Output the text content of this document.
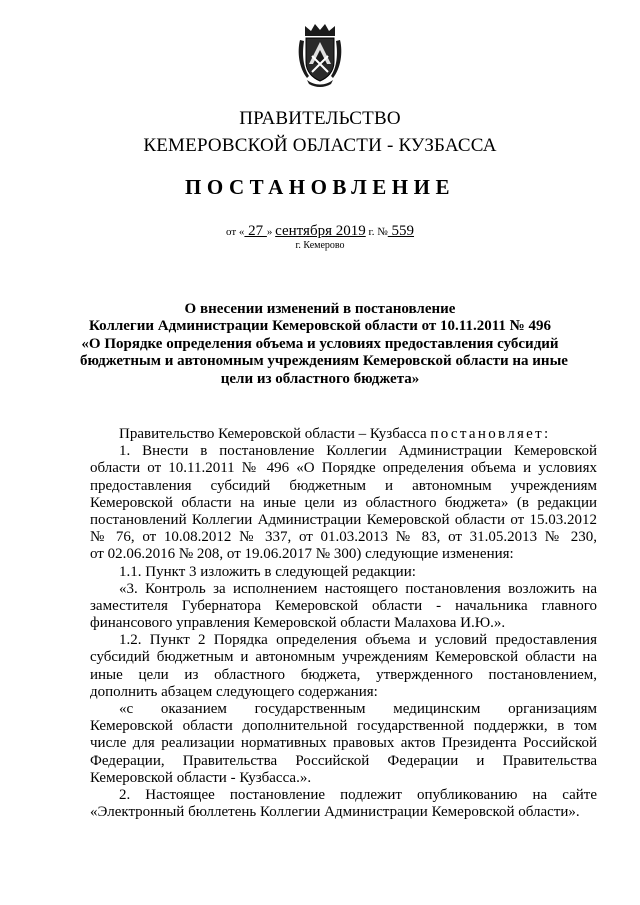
ПРАВИТЕЛЬСТВО
КЕМЕРОВСКОЙ ОБЛАСТИ - КУЗБАССА
ПОСТАНОВЛЕНИЕ
от « 27 » сентября 2019 г. № 559
г. Кемерово
О внесении изменений в постановление
Коллегии Администрации Кемеровской области от 10.11.2011 № 496
«О Порядке определения объема и условиях предоставления субсидий
бюджетным и автономным учреждениям Кемеровской области на иные
цели из областного бюджета»
Правительство Кемеровской области – Кузбасса постановляет:
1. Внести в постановление Коллегии Администрации Кемеровской
области от 10.11.2011 № 496 «О Порядке определения объема и условиях
предоставления субсидий бюджетным и автономным учреждениям
Кемеровской области на иные цели из областного бюджета» (в редакции
постановлений Коллегии Администрации Кемеровской области от 15.03.2012
№ 76, от 10.08.2012 № 337, от 01.03.2013 № 83, от 31.05.2013 № 230,
от 02.06.2016 № 208, от 19.06.2017 № 300) следующие изменения:
1.1. Пункт 3 изложить в следующей редакции:
«3. Контроль за исполнением настоящего постановления возложить на
заместителя Губернатора Кемеровской области - начальника главного
финансового управления Кемеровской области Малахова И.Ю.».
1.2. Пункт 2 Порядка определения объема и условий предоставления
субсидий бюджетным и автономным учреждениям Кемеровской области на
иные цели из областного бюджета, утвержденного постановлением,
дополнить абзацем следующего содержания:
«с оказанием государственным медицинским организациям
Кемеровской области дополнительной государственной поддержки, в том
числе для реализации нормативных правовых актов Президента Российской
Федерации, Правительства Российской Федерации и Правительства
Кемеровской области - Кузбасса.».
2. Настоящее постановление подлежит опубликованию на сайте
«Электронный бюллетень Коллегии Администрации Кемеровской области».
